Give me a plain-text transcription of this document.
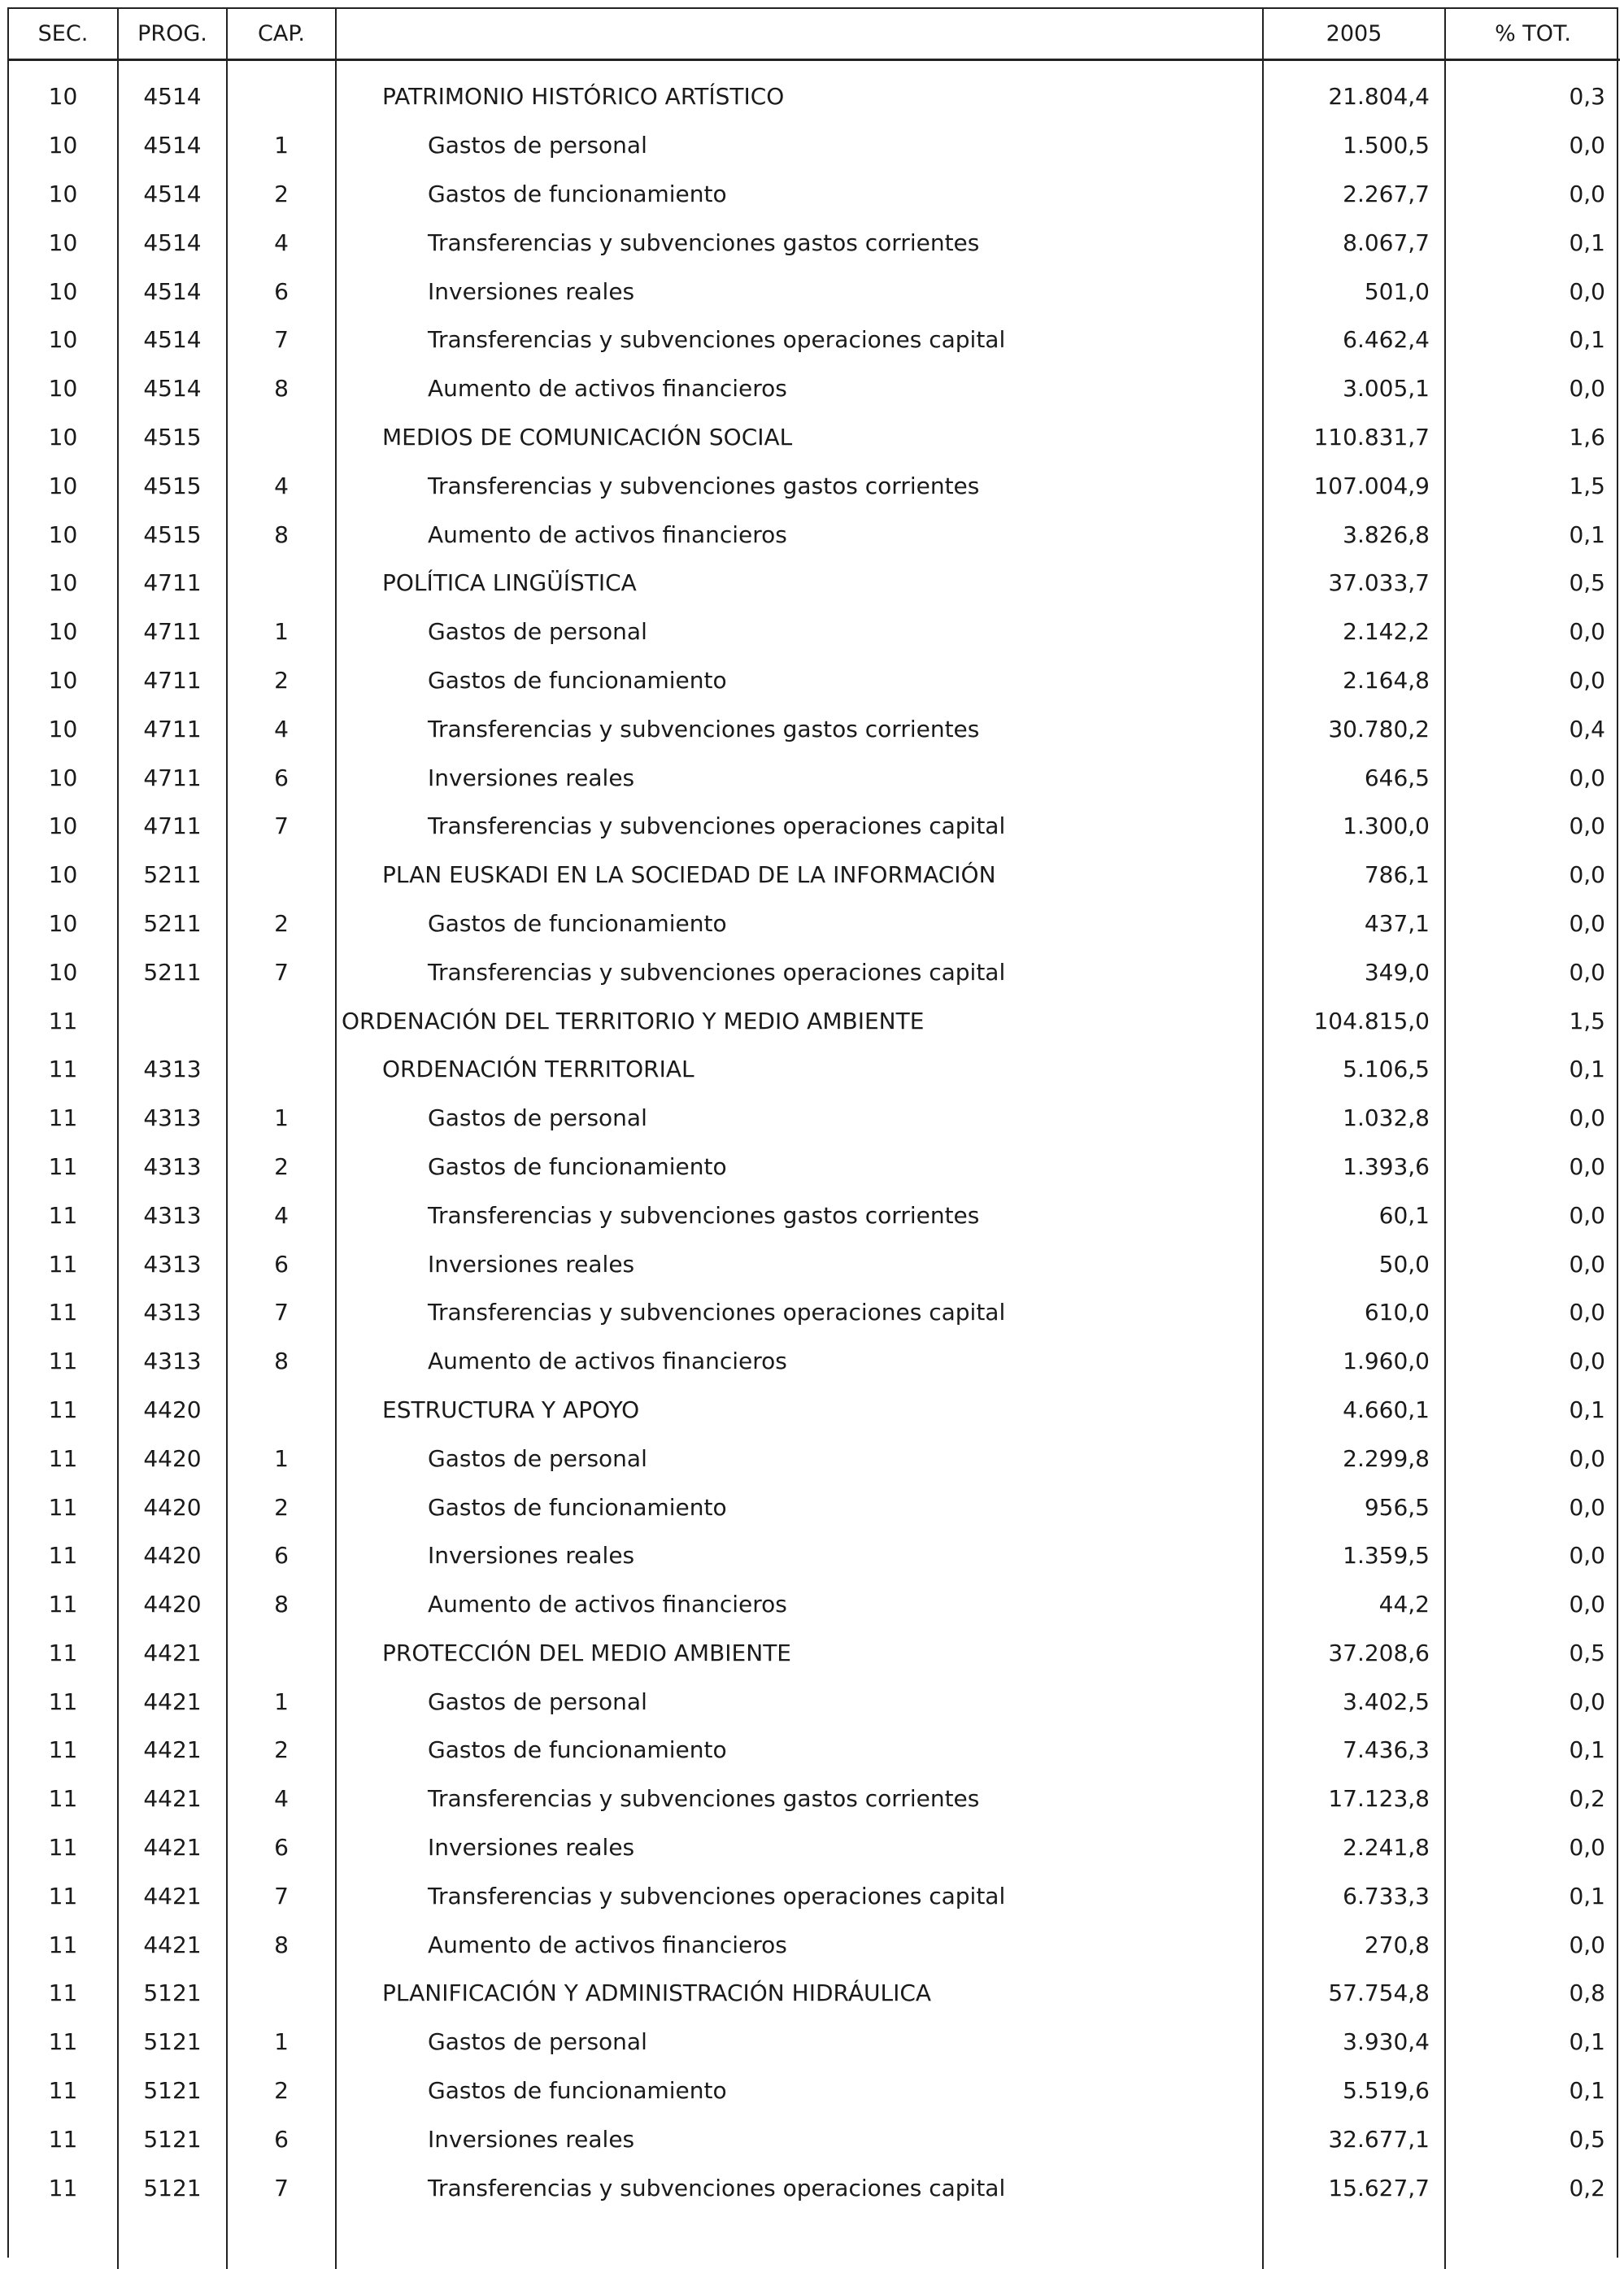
SEC.	PROG.	CAP.		2005	% TOT.
10	4514		PATRIMONIO HISTÓRICO ARTÍSTICO	21.804,4	0,3
10	4514	1	Gastos de personal	1.500,5	0,0
10	4514	2	Gastos de funcionamiento	2.267,7	0,0
10	4514	4	Transferencias y subvenciones gastos corrientes	8.067,7	0,1
10	4514	6	Inversiones reales	501,0	0,0
10	4514	7	Transferencias y subvenciones operaciones capital	6.462,4	0,1
10	4514	8	Aumento de activos financieros	3.005,1	0,0
10	4515		MEDIOS DE COMUNICACIÓN SOCIAL	110.831,7	1,6
10	4515	4	Transferencias y subvenciones gastos corrientes	107.004,9	1,5
10	4515	8	Aumento de activos financieros	3.826,8	0,1
10	4711		POLÍTICA LINGÜÍSTICA	37.033,7	0,5
10	4711	1	Gastos de personal	2.142,2	0,0
10	4711	2	Gastos de funcionamiento	2.164,8	0,0
10	4711	4	Transferencias y subvenciones gastos corrientes	30.780,2	0,4
10	4711	6	Inversiones reales	646,5	0,0
10	4711	7	Transferencias y subvenciones operaciones capital	1.300,0	0,0
10	5211		PLAN EUSKADI EN LA SOCIEDAD DE LA INFORMACIÓN	786,1	0,0
10	5211	2	Gastos de funcionamiento	437,1	0,0
10	5211	7	Transferencias y subvenciones operaciones capital	349,0	0,0
11			ORDENACIÓN DEL TERRITORIO Y MEDIO AMBIENTE	104.815,0	1,5
11	4313		ORDENACIÓN TERRITORIAL	5.106,5	0,1
11	4313	1	Gastos de personal	1.032,8	0,0
11	4313	2	Gastos de funcionamiento	1.393,6	0,0
11	4313	4	Transferencias y subvenciones gastos corrientes	60,1	0,0
11	4313	6	Inversiones reales	50,0	0,0
11	4313	7	Transferencias y subvenciones operaciones capital	610,0	0,0
11	4313	8	Aumento de activos financieros	1.960,0	0,0
11	4420		ESTRUCTURA Y APOYO	4.660,1	0,1
11	4420	1	Gastos de personal	2.299,8	0,0
11	4420	2	Gastos de funcionamiento	956,5	0,0
11	4420	6	Inversiones reales	1.359,5	0,0
11	4420	8	Aumento de activos financieros	44,2	0,0
11	4421		PROTECCIÓN DEL MEDIO AMBIENTE	37.208,6	0,5
11	4421	1	Gastos de personal	3.402,5	0,0
11	4421	2	Gastos de funcionamiento	7.436,3	0,1
11	4421	4	Transferencias y subvenciones gastos corrientes	17.123,8	0,2
11	4421	6	Inversiones reales	2.241,8	0,0
11	4421	7	Transferencias y subvenciones operaciones capital	6.733,3	0,1
11	4421	8	Aumento de activos financieros	270,8	0,0
11	5121		PLANIFICACIÓN Y ADMINISTRACIÓN HIDRÁULICA	57.754,8	0,8
11	5121	1	Gastos de personal	3.930,4	0,1
11	5121	2	Gastos de funcionamiento	5.519,6	0,1
11	5121	6	Inversiones reales	32.677,1	0,5
11	5121	7	Transferencias y subvenciones operaciones capital	15.627,7	0,2
